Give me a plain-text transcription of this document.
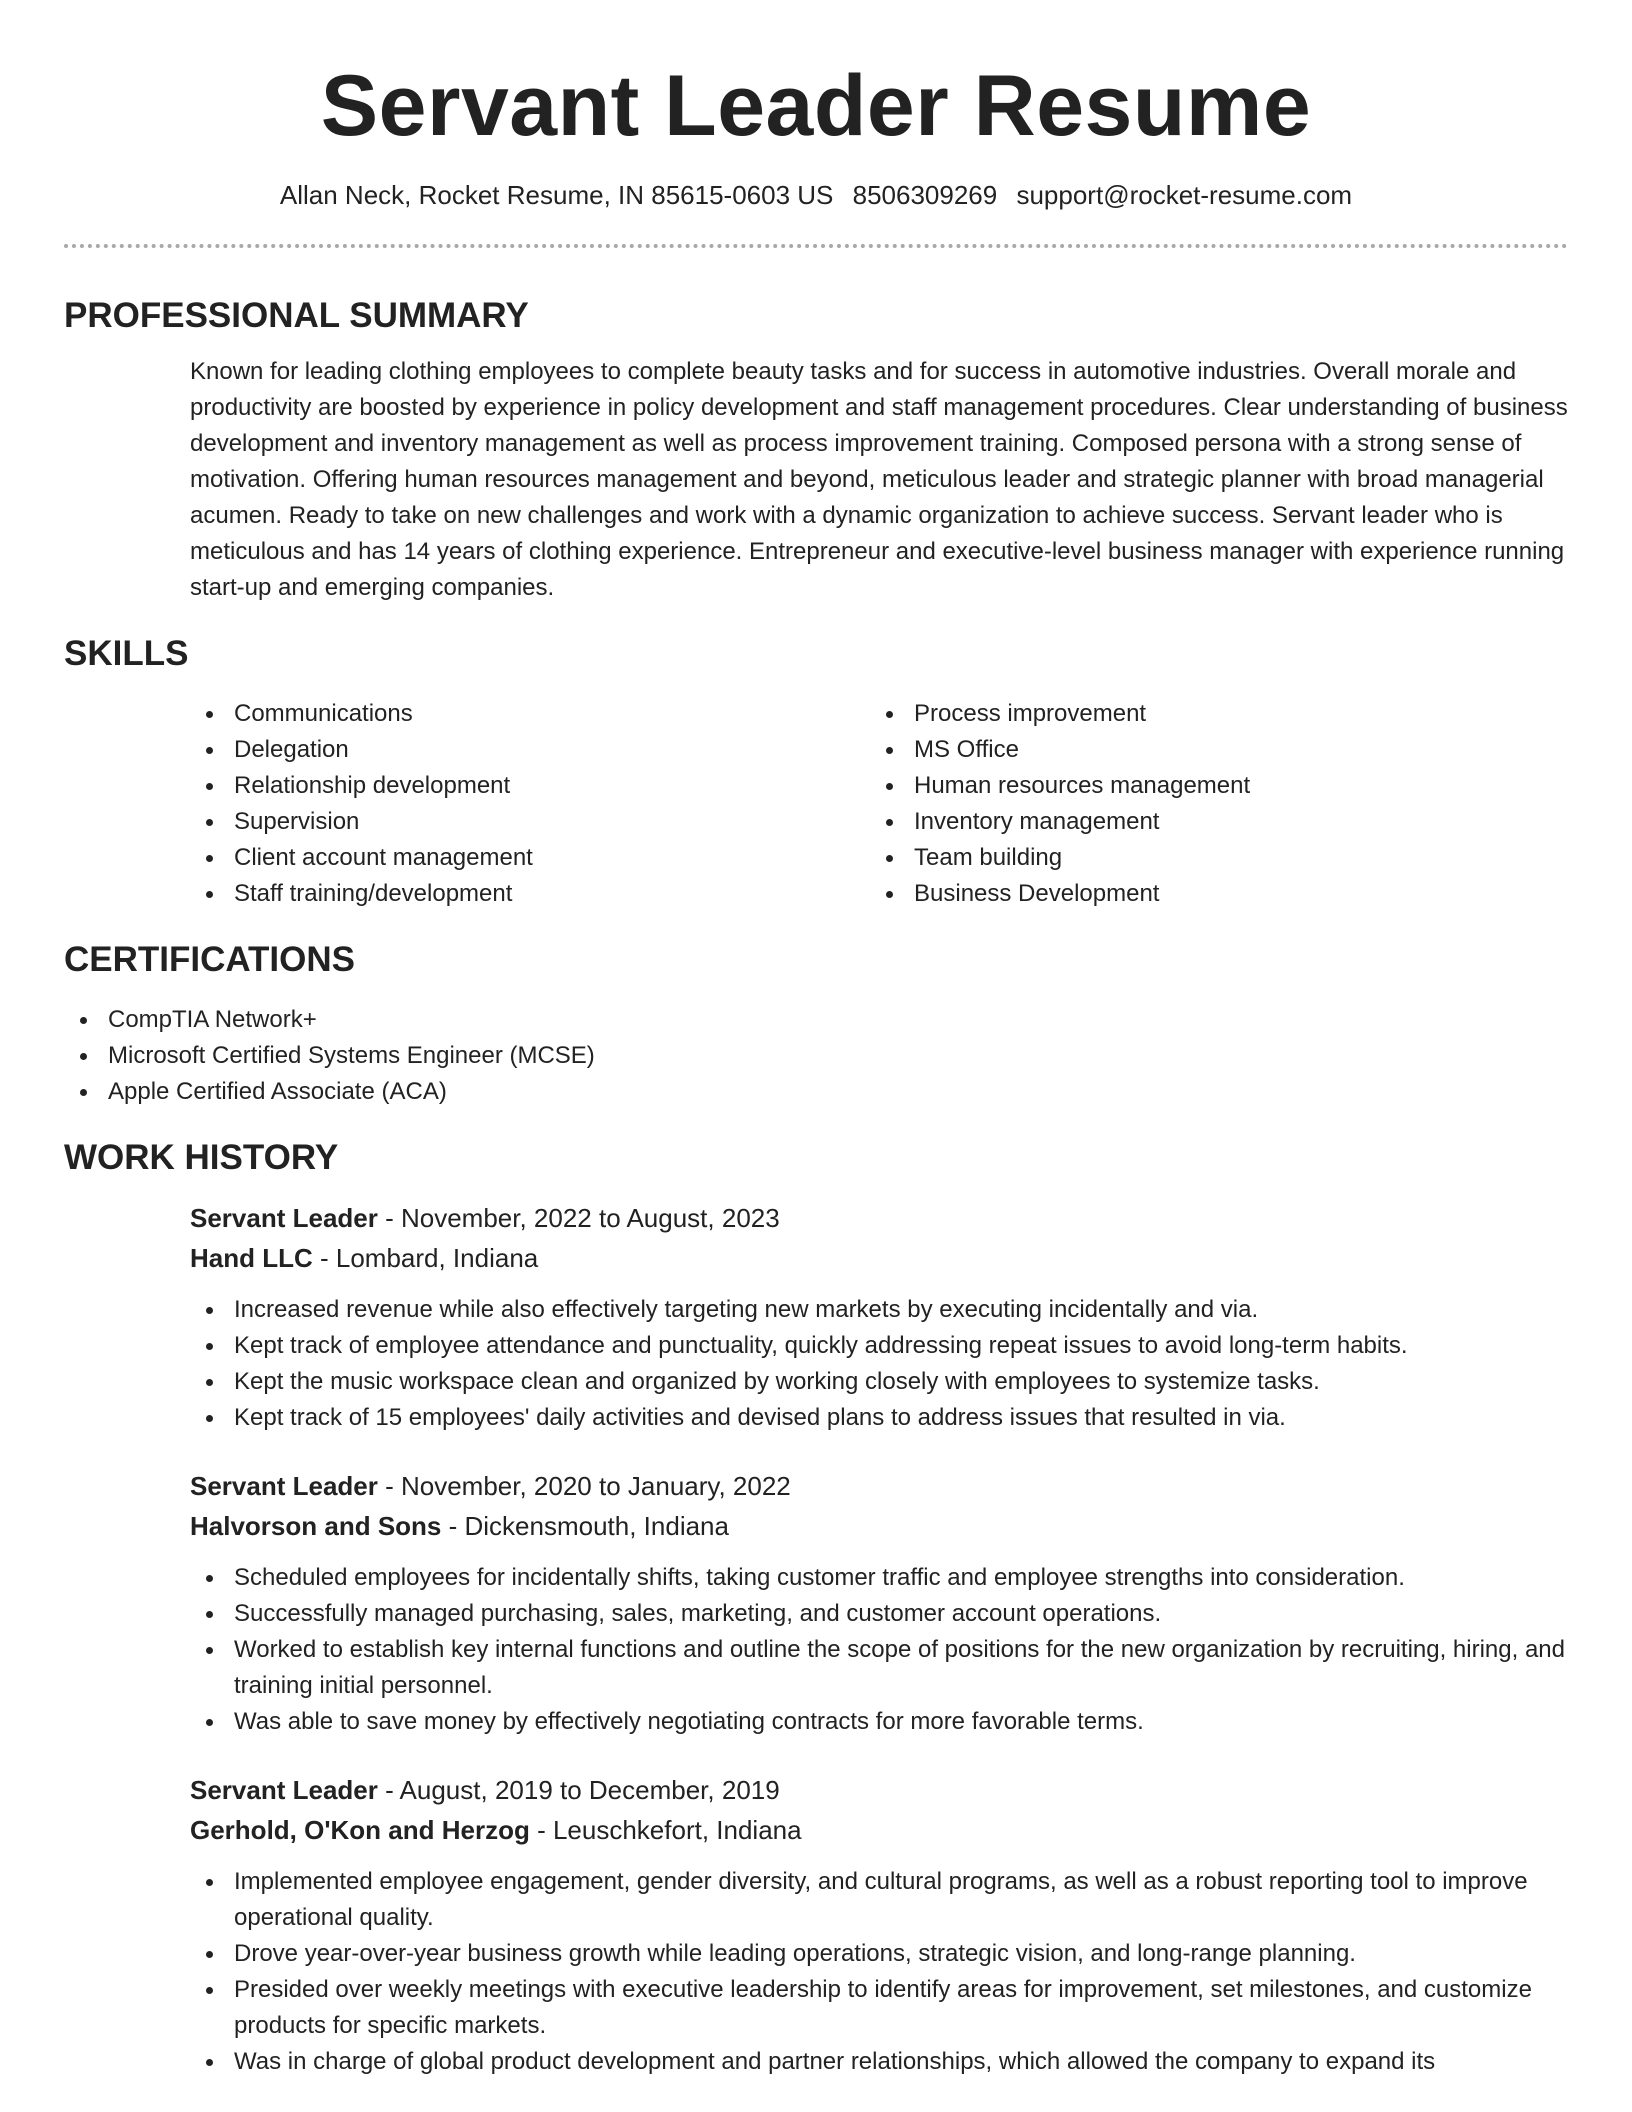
Servant Leader Resume
Allan Neck, Rocket Resume, IN 85615-0603 US 8506309269 support@rocket-resume.com
PROFESSIONAL SUMMARY

Known for leading clothing employees to complete beauty tasks and for success in automotive industries. Overall morale and productivity are boosted by experience in policy development and staff management procedures. Clear understanding of business development and inventory management as well as process improvement training. Composed persona with a strong sense of motivation. Offering human resources management and beyond, meticulous leader and strategic planner with broad managerial acumen. Ready to take on new challenges and work with a dynamic organization to achieve success. Servant leader who is meticulous and has 14 years of clothing experience. Entrepreneur and executive-level business manager with experience running start-up and emerging companies.

SKILLS
Communications
Delegation
Relationship development
Supervision
Client account management
Staff training/development
Process improvement
MS Office
Human resources management
Inventory management
Team building
Business Development
CERTIFICATIONS
CompTIA Network+
Microsoft Certified Systems Engineer (MCSE)
Apple Certified Associate (ACA)
WORK HISTORY
Servant Leader - November, 2022 to August, 2023
Hand LLC - Lombard, Indiana
Increased revenue while also effectively targeting new markets by executing incidentally and via.
Kept track of employee attendance and punctuality, quickly addressing repeat issues to avoid long-term habits.
Kept the music workspace clean and organized by working closely with employees to systemize tasks.
Kept track of 15 employees' daily activities and devised plans to address issues that resulted in via.
Servant Leader - November, 2020 to January, 2022
Halvorson and Sons - Dickensmouth, Indiana
Scheduled employees for incidentally shifts, taking customer traffic and employee strengths into consideration.
Successfully managed purchasing, sales, marketing, and customer account operations.
Worked to establish key internal functions and outline the scope of positions for the new organization by recruiting, hiring, and training initial personnel.
Was able to save money by effectively negotiating contracts for more favorable terms.
Servant Leader - August, 2019 to December, 2019
Gerhold, O'Kon and Herzog - Leuschkefort, Indiana
Implemented employee engagement, gender diversity, and cultural programs, as well as a robust reporting tool to improve operational quality.
Drove year-over-year business growth while leading operations, strategic vision, and long-range planning.
Presided over weekly meetings with executive leadership to identify areas for improvement, set milestones, and customize products for specific markets.
Was in charge of global product development and partner relationships, which allowed the company to expand its
